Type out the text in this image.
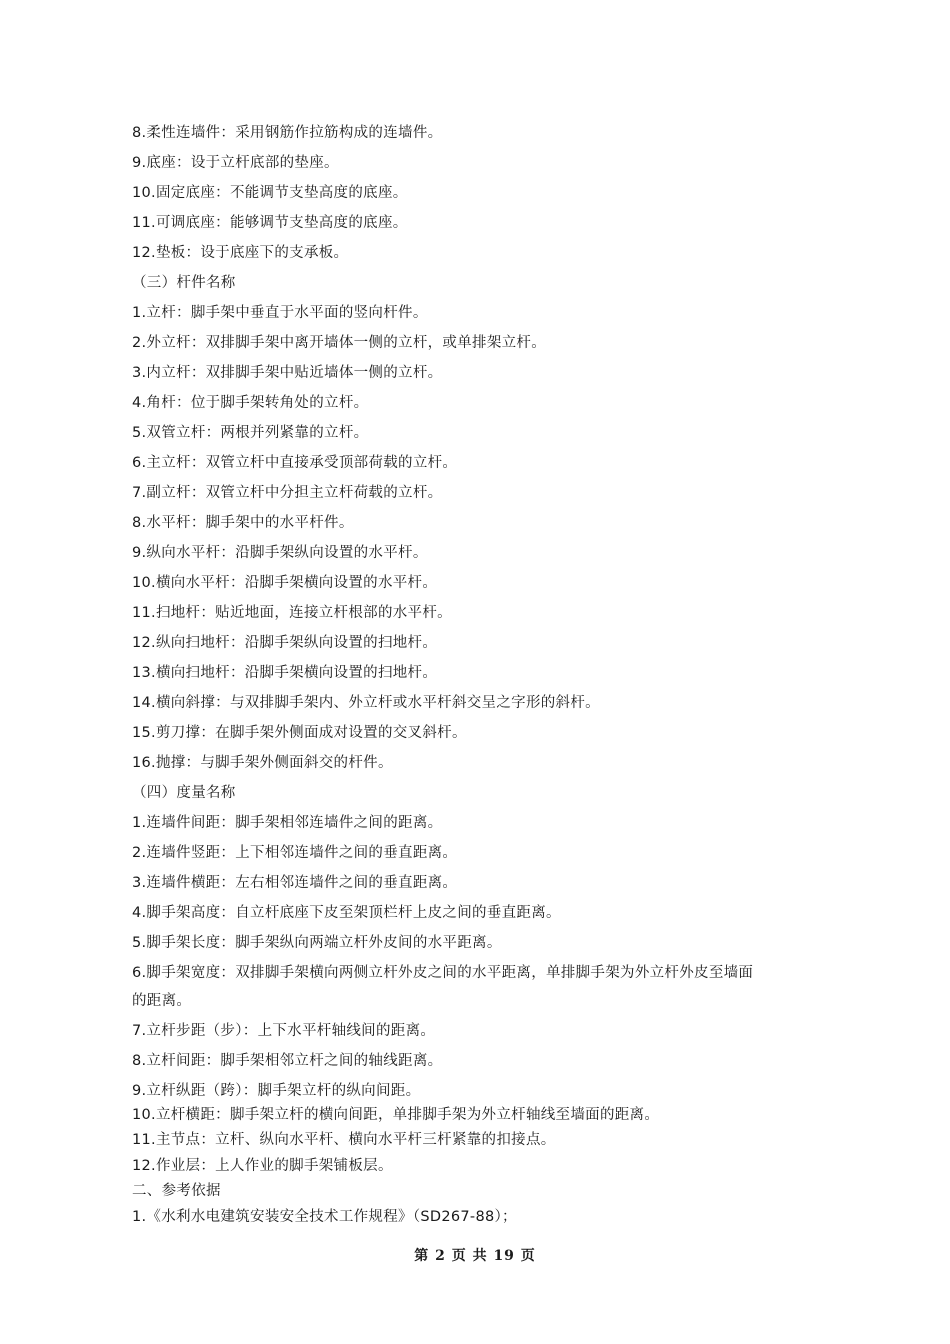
8.柔性连墙件：采用钢筋作拉筋构成的连墙件。
9.底座：设于立杆底部的垫座。
10.固定底座：不能调节支垫高度的底座。
11.可调底座：能够调节支垫高度的底座。
12.垫板：设于底座下的支承板。
（三）杆件名称
1.立杆：脚手架中垂直于水平面的竖向杆件。
2.外立杆：双排脚手架中离开墙体一侧的立杆，或单排架立杆。
3.内立杆：双排脚手架中贴近墙体一侧的立杆。
4.角杆：位于脚手架转角处的立杆。
5.双管立杆：两根并列紧靠的立杆。
6.主立杆：双管立杆中直接承受顶部荷载的立杆。
7.副立杆：双管立杆中分担主立杆荷载的立杆。
8.水平杆：脚手架中的水平杆件。
9.纵向水平杆：沿脚手架纵向设置的水平杆。
10.横向水平杆：沿脚手架横向设置的水平杆。
11.扫地杆：贴近地面，连接立杆根部的水平杆。
12.纵向扫地杆：沿脚手架纵向设置的扫地杆。
13.横向扫地杆：沿脚手架横向设置的扫地杆。
14.横向斜撑：与双排脚手架内、外立杆或水平杆斜交呈之字形的斜杆。
15.剪刀撑：在脚手架外侧面成对设置的交叉斜杆。
16.抛撑：与脚手架外侧面斜交的杆件。
（四）度量名称
1.连墙件间距：脚手架相邻连墙件之间的距离。
2.连墙件竖距：上下相邻连墙件之间的垂直距离。
3.连墙件横距：左右相邻连墙件之间的垂直距离。
4.脚手架高度：自立杆底座下皮至架顶栏杆上皮之间的垂直距离。
5.脚手架长度：脚手架纵向两端立杆外皮间的水平距离。
6.脚手架宽度：双排脚手架横向两侧立杆外皮之间的水平距离，单排脚手架为外立杆外皮至墙面
的距离。
7.立杆步距（步）：上下水平杆轴线间的距离。
8.立杆间距：脚手架相邻立杆之间的轴线距离。
9.立杆纵距（跨）：脚手架立杆的纵向间距。
10.立杆横距：脚手架立杆的横向间距，单排脚手架为外立杆轴线至墙面的距离。
11.主节点：立杆、纵向水平杆、横向水平杆三杆紧靠的扣接点。
12.作业层：上人作业的脚手架铺板层。
二、参考依据
1.《水利水电建筑安装安全技术工作规程》（SD267-88）；
第 2 页 共 19 页
